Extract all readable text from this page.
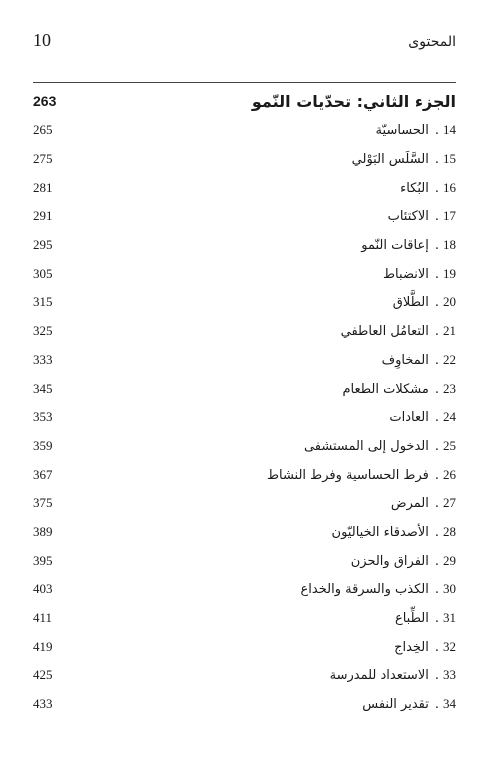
10	المحتوى
263	الجزء الثاني: تحدّيات النّمو
265	14.الحساسيّة
275	15.السَّلَس البَوْلي
281	16.البُكاء
291	17.الاكتئاب
295	18.إعاقات النّمو
305	19.الانضباط
315	20.الطَّلاق
325	21.التعامُل العاطفي
333	22.المخاوِف
345	23.مشكلات الطعام
353	24.العادات
359	25.الدخول إلى المستشفى
367	26.فرط الحساسية وفرط النشاط
375	27.المرض
389	28.الأصدقاء الخياليّون
395	29.الفراق والحزن
403	30.الكذب والسرقة والخداع
411	31.الطِّباع
419	32.الخِداج
425	33.الاستعداد للمدرسة
433	34.تقدير النفس
